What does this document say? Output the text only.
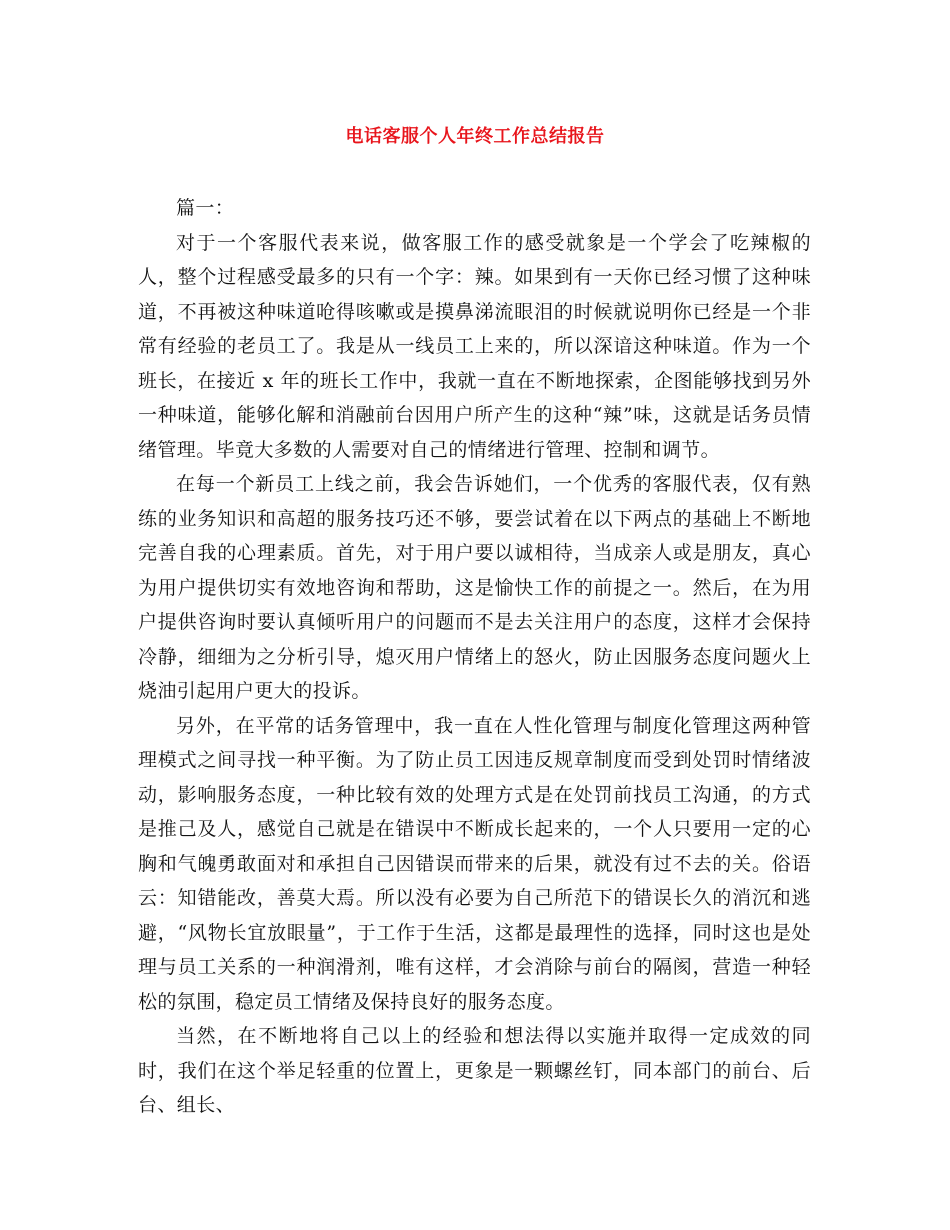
电话客服个人年终工作总结报告

篇一：

对于一个客服代表来说，做客服工作的感受就象是一个学会了吃辣椒的人，整个过程感受最多的只有一个字：辣。如果到有一天你已经习惯了这种味道，不再被这种味道呛得咳嗽或是摸鼻涕流眼泪的时候就说明你已经是一个非常有经验的老员工了。我是从一线员工上来的，所以深谙这种味道。作为一个班长，在接近 x 年的班长工作中，我就一直在不断地探索，企图能够找到另外一种味道，能够化解和消融前台因用户所产生的这种“辣”味，这就是话务员情绪管理。毕竟大多数的人需要对自己的情绪进行管理、控制和调节。

在每一个新员工上线之前，我会告诉她们，一个优秀的客服代表，仅有熟练的业务知识和高超的服务技巧还不够，要尝试着在以下两点的基础上不断地完善自我的心理素质。首先，对于用户要以诚相待，当成亲人或是朋友，真心为用户提供切实有效地咨询和帮助，这是愉快工作的前提之一。然后，在为用户提供咨询时要认真倾听用户的问题而不是去关注用户的态度，这样才会保持冷静，细细为之分析引导，熄灭用户情绪上的怒火，防止因服务态度问题火上烧油引起用户更大的投诉。

另外，在平常的话务管理中，我一直在人性化管理与制度化管理这两种管理模式之间寻找一种平衡。为了防止员工因违反规章制度而受到处罚时情绪波动，影响服务态度，一种比较有效的处理方式是在处罚前找员工沟通，的方式是推己及人，感觉自己就是在错误中不断成长起来的，一个人只要用一定的心胸和气魄勇敢面对和承担自己因错误而带来的后果，就没有过不去的关。俗语云：知错能改，善莫大焉。所以没有必要为自己所范下的错误长久的消沉和逃避，“风物长宜放眼量”，于工作于生活，这都是最理性的选择，同时这也是处理与员工关系的一种润滑剂，唯有这样，才会消除与前台的隔阂，营造一种轻松的氛围，稳定员工情绪及保持良好的服务态度。

当然，在不断地将自己以上的经验和想法得以实施并取得一定成效的同时，我们在这个举足轻重的位置上，更象是一颗螺丝钉，同本部门的前台、后台、组长、
